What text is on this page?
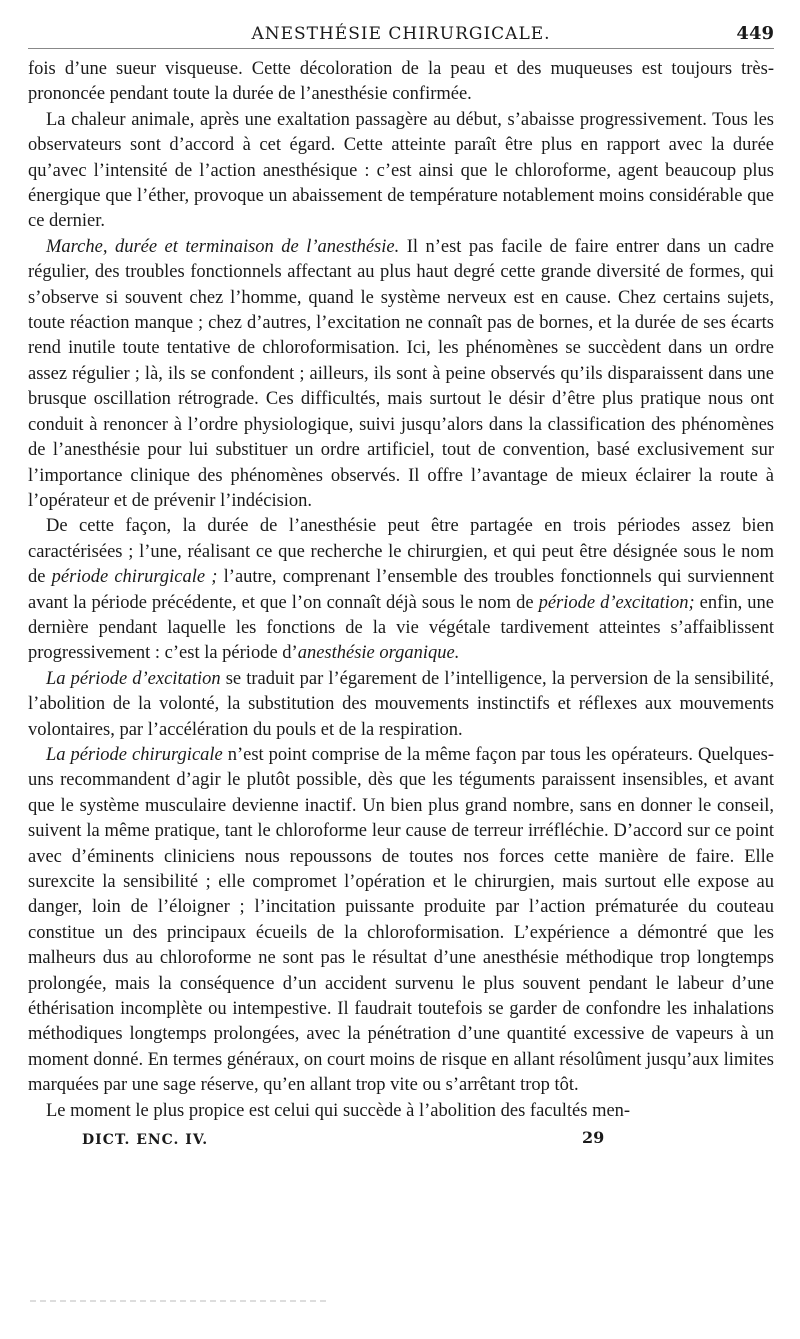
ANESTHÉSIE CHIRURGICALE.	449

fois d’une sueur visqueuse. Cette décoloration de la peau et des muqueuses est toujours très-prononcée pendant toute la durée de l’anesthésie confirmée.

La chaleur animale, après une exaltation passagère au début, s’abaisse progressivement. Tous les observateurs sont d’accord à cet égard. Cette atteinte paraît être plus en rapport avec la durée qu’avec l’intensité de l’action anesthésique : c’est ainsi que le chloroforme, agent beaucoup plus énergique que l’éther, provoque un abaissement de température notablement moins considérable que ce dernier.

Marche, durée et terminaison de l’anesthésie. Il n’est pas facile de faire entrer dans un cadre régulier, des troubles fonctionnels affectant au plus haut degré cette grande diversité de formes, qui s’observe si souvent chez l’homme, quand le système nerveux est en cause. Chez certains sujets, toute réaction manque ; chez d’autres, l’excitation ne connaît pas de bornes, et la durée de ses écarts rend inutile toute tentative de chloroformisation. Ici, les phénomènes se succèdent dans un ordre assez régulier ; là, ils se confondent ; ailleurs, ils sont à peine observés qu’ils disparaissent dans une brusque oscillation rétrograde. Ces difficultés, mais surtout le désir d’être plus pratique nous ont conduit à renoncer à l’ordre physiologique, suivi jusqu’alors dans la classification des phénomènes de l’anesthésie pour lui substituer un ordre artificiel, tout de convention, basé exclusivement sur l’importance clinique des phénomènes observés. Il offre l’avantage de mieux éclairer la route à l’opérateur et de prévenir l’indécision.

De cette façon, la durée de l’anesthésie peut être partagée en trois périodes assez bien caractérisées ; l’une, réalisant ce que recherche le chirurgien, et qui peut être désignée sous le nom de période chirurgicale ; l’autre, comprenant l’ensemble des troubles fonctionnels qui surviennent avant la période précédente, et que l’on connaît déjà sous le nom de période d’excitation; enfin, une dernière pendant laquelle les fonctions de la vie végétale tardivement atteintes s’affaiblissent progressivement : c’est la période d’anesthésie organique.

La période d’excitation se traduit par l’égarement de l’intelligence, la perversion de la sensibilité, l’abolition de la volonté, la substitution des mouvements instinctifs et réflexes aux mouvements volontaires, par l’accélération du pouls et de la respiration.

La période chirurgicale n’est point comprise de la même façon par tous les opérateurs. Quelques-uns recommandent d’agir le plutôt possible, dès que les téguments paraissent insensibles, et avant que le système musculaire devienne inactif. Un bien plus grand nombre, sans en donner le conseil, suivent la même pratique, tant le chloroforme leur cause de terreur irréfléchie. D’accord sur ce point avec d’éminents cliniciens nous repoussons de toutes nos forces cette manière de faire. Elle surexcite la sensibilité ; elle compromet l’opération et le chirurgien, mais surtout elle expose au danger, loin de l’éloigner ; l’incitation puissante produite par l’action prématurée du couteau constitue un des principaux écueils de la chloroformisation. L’expérience a démontré que les malheurs dus au chloroforme ne sont pas le résultat d’une anesthésie méthodique trop longtemps prolongée, mais la conséquence d’un accident survenu le plus souvent pendant le labeur d’une éthérisation incomplète ou intempestive. Il faudrait toutefois se garder de confondre les inhalations méthodiques longtemps prolongées, avec la pénétration d’une quantité excessive de vapeurs à un moment donné. En termes généraux, on court moins de risque en allant résolûment jusqu’aux limites marquées par une sage réserve, qu’en allant trop vite ou s’arrêtant trop tôt.

Le moment le plus propice est celui qui succède à l’abolition des facultés men-

DICT. ENC. IV.	29
